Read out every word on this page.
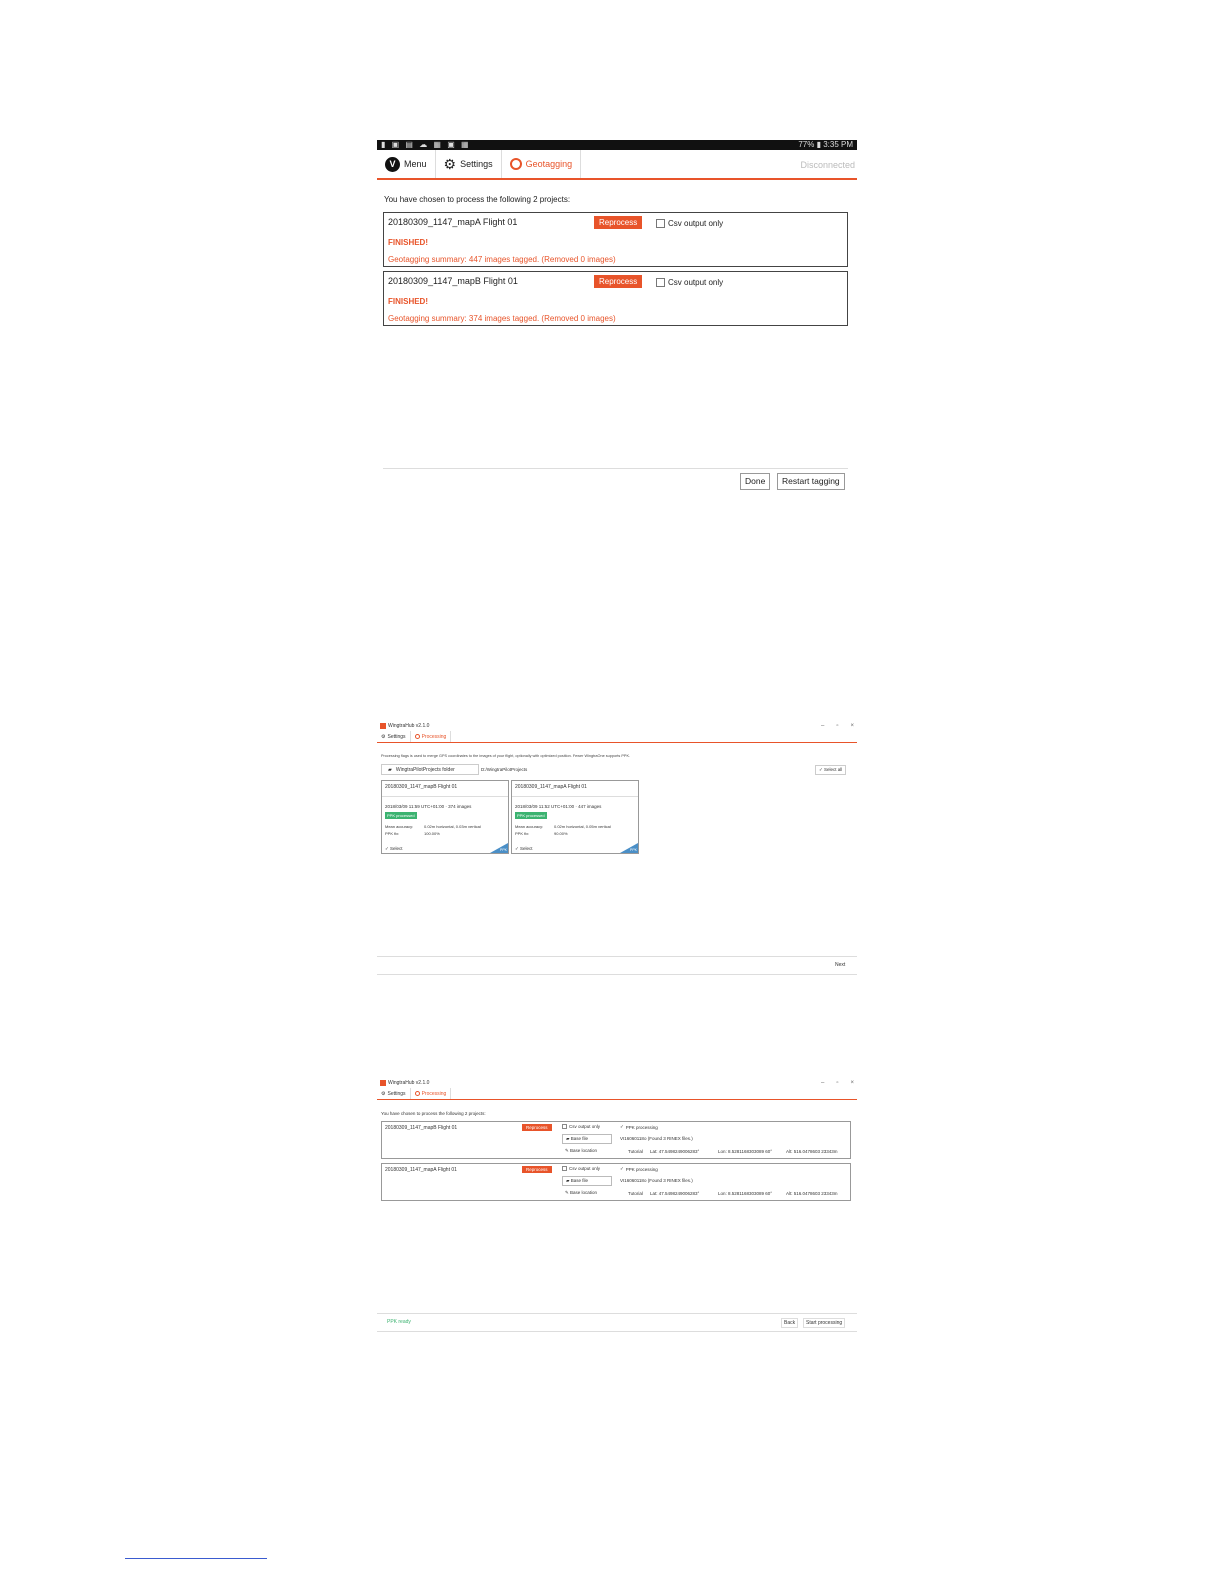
▮ ▣ ▤ ☁ ▦ ▣ ▦	77% ▮ 3:35 PM
V Menu ⚙ Settings	Geotagging	Disconnected
You have chosen to process the following 2 projects:
20180309_1147_mapA Flight 01	Reprocess	Csv output only
FINISHED!
Geotagging summary: 447 images tagged. (Removed 0 images)
20180309_1147_mapB Flight 01	Reprocess	Csv output only
FINISHED!
Geotagging summary: 374 images tagged. (Removed 0 images)
Done	Restart tagging
WingtraHub v2.1.0	– ▫ ×
⚙ Settings	Processing
Processing flags is used to merge GPS coordinates to the images of your flight, optionally with optimized position. Fewer WingtraOne supports PPK.
▰ WingtraPilotProjects folder	D:/WingtraPilotProjects	✓ Select all
20180309_1147_mapB Flight 01
2018/03/09 11:59 UTC+01:00 · 374 images
PPK processed
Mean accuracy:	0.02m horizontal, 0.03m vertical
PPK fix:	100.00%
✓ Select	PPK
20180309_1147_mapA Flight 01
2018/03/09 11:52 UTC+01:00 · 447 images
PPK processed
Mean accuracy:	0.02m horizontal, 0.05m vertical
PPK fix:	90.00%
✓ Select	PPK
Next
WingtraHub v2.1.0	– ▫ ×
⚙ Settings	Processing
You have chosen to process the following 2 projects:
20180309_1147_mapB Flight 01	Reprocess	Csv output only	✓ PPK processing
▰ Base file	VI16060118o (Found 3 RINEX files.)
✎ Base location	Tutorial Lat: 47.5498249006283°	Lon: 8.5281168303089 60°	Alt: 516.0478603 23343m
20180309_1147_mapA Flight 01	Reprocess	Csv output only	✓ PPK processing
▰ Base file	VI16060118o (Found 3 RINEX files.)
✎ Base location	Tutorial Lat: 47.5498249006283°	Lon: 8.5281168303089 60°	Alt: 516.0478603 23343m
PPK ready	Back	Start processing
